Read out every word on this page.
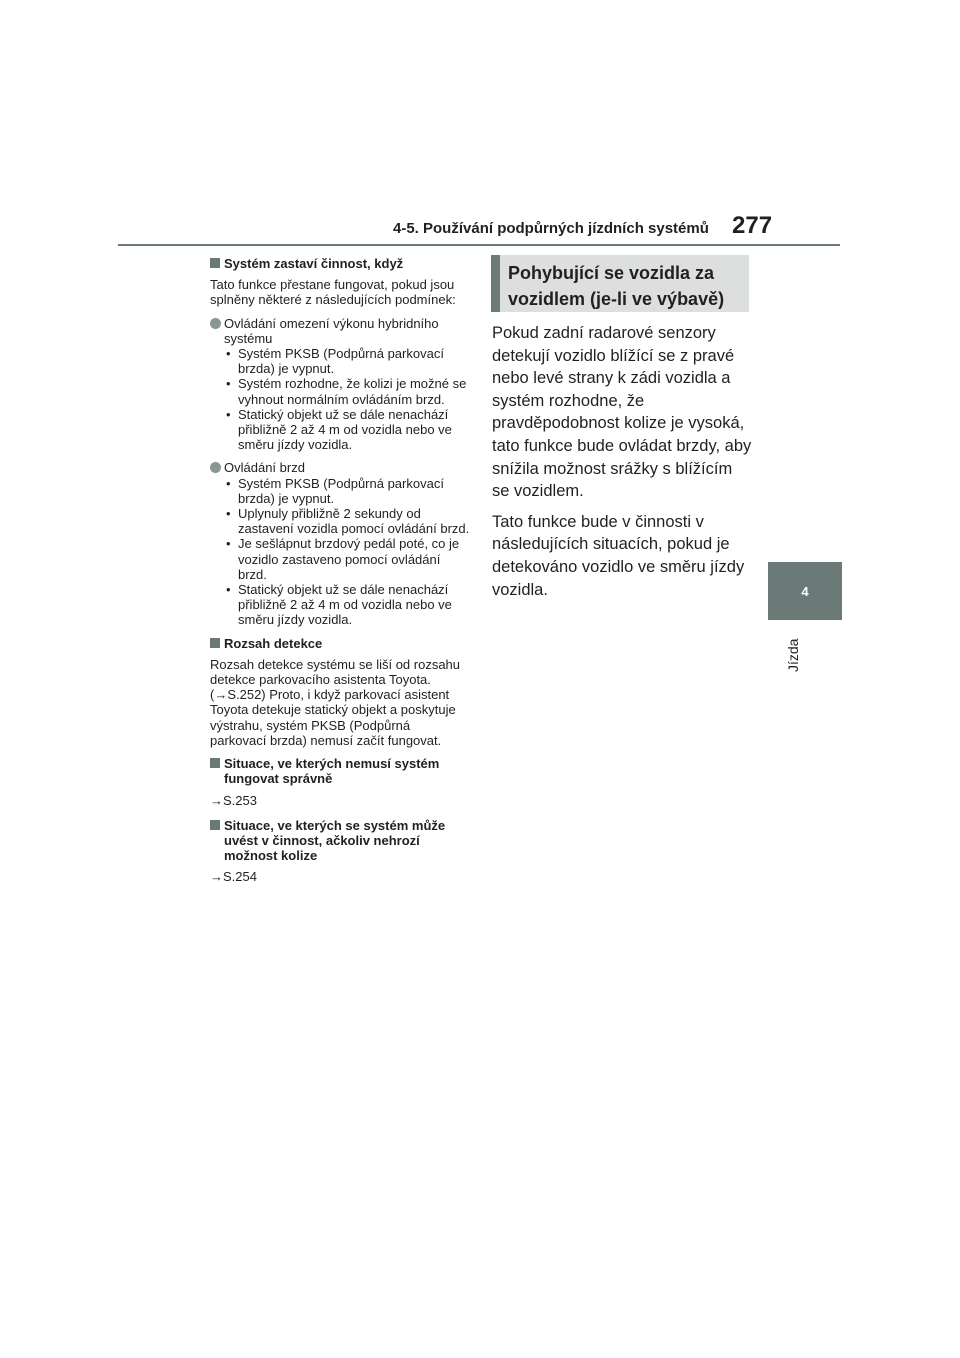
4-5. Používání podpůrných jízdních systémů 277
4
Jízda
Systém zastaví činnost, když

Tato funkce přestane fungovat, pokud jsou splněny některé z následujících podmínek:

Ovládání omezení výkonu hybridního systému
• Systém PKSB (Podpůrná parkovací brzda) je vypnut.
• Systém rozhodne, že kolizi je možné se vyhnout normálním ovládáním brzd.
• Statický objekt už se dále nenachází přibližně 2 až 4 m od vozidla nebo ve směru jízdy vozidla.
Ovládání brzd
• Systém PKSB (Podpůrná parkovací brzda) je vypnut.
• Uplynuly přibližně 2 sekundy od zastavení vozidla pomocí ovládání brzd.
• Je sešlápnut brzdový pedál poté, co je vozidlo zastaveno pomocí ovládání brzd.
• Statický objekt už se dále nenachází přibližně 2 až 4 m od vozidla nebo ve směru jízdy vozidla.
Rozsah detekce

Rozsah detekce systému se liší od rozsahu detekce parkovacího asistenta Toyota. (→S.252) Proto, i když parkovací asistent Toyota detekuje statický objekt a poskytuje výstrahu, systém PKSB (Podpůrná parkovací brzda) nemusí začít fungovat.

Situace, ve kterých nemusí systém fungovat správně

→S.253

Situace, ve kterých se systém může uvést v činnost, ačkoliv nehrozí možnost kolize

→S.254

Pohybující se vozidla za vozidlem (je-li ve výbavě)

Pokud zadní radarové senzory detekují vozidlo blížící se z pravé nebo levé strany k zádi vozidla a systém rozhodne, že pravděpodobnost kolize je vysoká, tato funkce bude ovládat brzdy, aby snížila možnost srážky s blížícím se vozidlem.

Tato funkce bude v činnosti v následujících situacích, pokud je detekováno vozidlo ve směru jízdy vozidla.
